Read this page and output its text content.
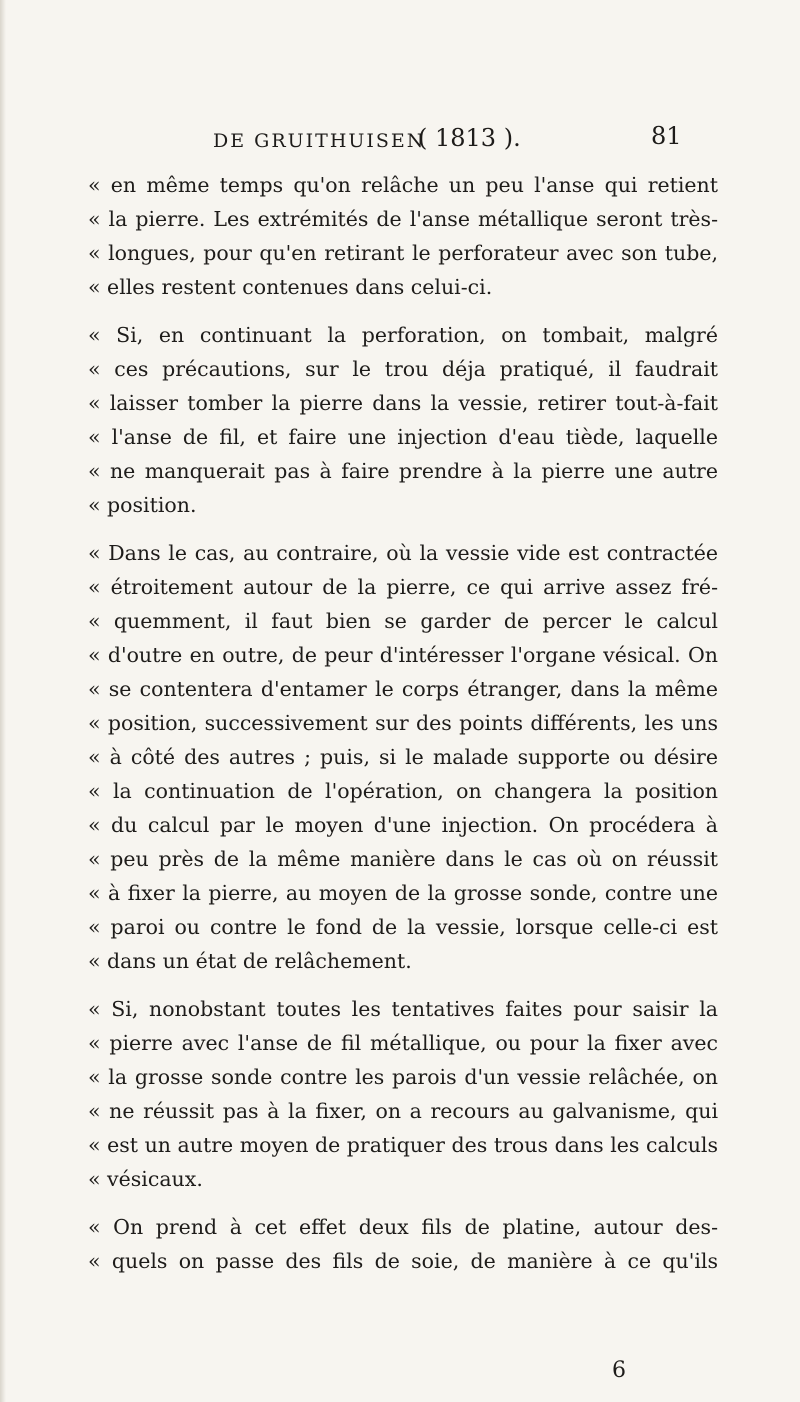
DE GRUITHUISEN
( 1813 ).	81
« en même temps qu'on relâche un peu l'anse qui retient
« la pierre. Les extrémités de l'anse métallique seront très-
« longues, pour qu'en retirant le perforateur avec son tube,
« elles restent contenues dans celui-ci.
« Si, en continuant la perforation, on tombait, malgré
« ces précautions, sur le trou déja pratiqué, il faudrait
« laisser tomber la pierre dans la vessie, retirer tout-à-fait
« l'anse de fil, et faire une injection d'eau tiède, laquelle
« ne manquerait pas à faire prendre à la pierre une autre
« position.
« Dans le cas, au contraire, où la vessie vide est contractée
« étroitement autour de la pierre, ce qui arrive assez fré-
« quemment, il faut bien se garder de percer le calcul
« d'outre en outre, de peur d'intéresser l'organe vésical. On
« se contentera d'entamer le corps étranger, dans la même
« position, successivement sur des points différents, les uns
« à côté des autres ; puis, si le malade supporte ou désire
« la continuation de l'opération, on changera la position
« du calcul par le moyen d'une injection. On procédera à
« peu près de la même manière dans le cas où on réussit
« à fixer la pierre, au moyen de la grosse sonde, contre une
« paroi ou contre le fond de la vessie, lorsque celle-ci est
« dans un état de relâchement.
« Si, nonobstant toutes les tentatives faites pour saisir la
« pierre avec l'anse de fil métallique, ou pour la fixer avec
« la grosse sonde contre les parois d'un vessie relâchée, on
« ne réussit pas à la fixer, on a recours au galvanisme, qui
« est un autre moyen de pratiquer des trous dans les calculs
« vésicaux.
« On prend à cet effet deux fils de platine, autour des-
« quels on passe des fils de soie, de manière à ce qu'ils
6
